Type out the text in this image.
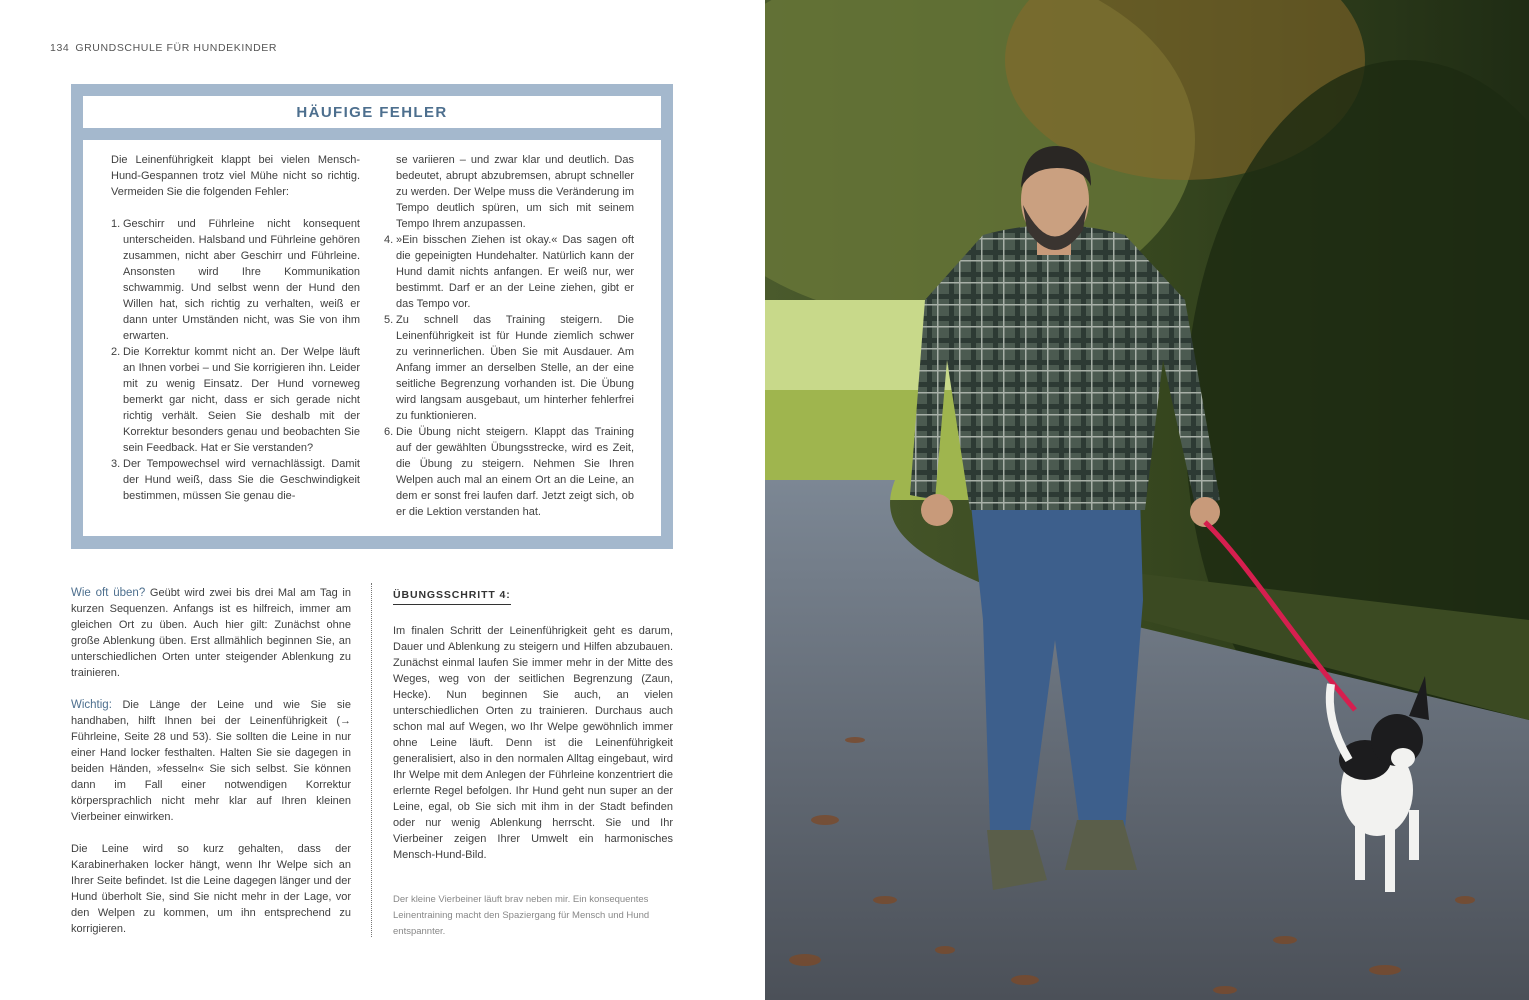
134 GRUNDSCHULE FÜR HUNDEKINDER
HÄUFIGE FEHLER

Die Leinenführigkeit klappt bei vielen Mensch-Hund-Gespannen trotz viel Mühe nicht so richtig. Vermeiden Sie die folgenden Fehler:

1. Geschirr und Führleine nicht konsequent unterscheiden. Halsband und Führleine gehören zusammen, nicht aber Geschirr und Führleine. Ansonsten wird Ihre Kommunikation schwammig. Und selbst wenn der Hund den Willen hat, sich richtig zu verhalten, weiß er dann unter Umständen nicht, was Sie von ihm erwarten.
2. Die Korrektur kommt nicht an. Der Welpe läuft an Ihnen vorbei – und Sie korrigieren ihn. Leider mit zu wenig Einsatz. Der Hund vorneweg bemerkt gar nicht, dass er sich gerade nicht richtig verhält. Seien Sie deshalb mit der Korrektur besonders genau und beobachten Sie sein Feedback. Hat er Sie verstanden?
3. Der Tempowechsel wird vernachlässigt. Damit der Hund weiß, dass Sie die Geschwindigkeit bestimmen, müssen Sie genau die-
se variieren – und zwar klar und deutlich. Das bedeutet, abrupt abzubremsen, abrupt schneller zu werden. Der Welpe muss die Veränderung im Tempo deutlich spüren, um sich mit seinem Tempo Ihrem anzupassen.
4. »Ein bisschen Ziehen ist okay.« Das sagen oft die gepeinigten Hundehalter. Natürlich kann der Hund damit nichts anfangen. Er weiß nur, wer bestimmt. Darf er an der Leine ziehen, gibt er das Tempo vor.
5. Zu schnell das Training steigern. Die Leinenführigkeit ist für Hunde ziemlich schwer zu verinnerlichen. Üben Sie mit Ausdauer. Am Anfang immer an derselben Stelle, an der eine seitliche Begrenzung vorhanden ist. Die Übung wird langsam ausgebaut, um hinterher fehlerfrei zu funktionieren.
6. Die Übung nicht steigern. Klappt das Training auf der gewählten Übungsstrecke, wird es Zeit, die Übung zu steigern. Nehmen Sie Ihren Welpen auch mal an einem Ort an die Leine, an dem er sonst frei laufen darf. Jetzt zeigt sich, ob er die Lektion verstanden hat.

Wie oft üben? Geübt wird zwei bis drei Mal am Tag in kurzen Sequenzen. Anfangs ist es hilfreich, immer am gleichen Ort zu üben. Auch hier gilt: Zunächst ohne große Ablenkung üben. Erst allmählich beginnen Sie, an unterschiedlichen Orten unter steigender Ablenkung zu trainieren.

Wichtig: Die Länge der Leine und wie Sie sie handhaben, hilft Ihnen bei der Leinenführigkeit (→ Führleine, Seite 28 und 53). Sie sollten die Leine in nur einer Hand locker festhalten. Halten Sie sie dagegen in beiden Händen, »fesseln« Sie sich selbst. Sie können dann im Fall einer notwendigen Korrektur körpersprachlich nicht mehr klar auf Ihren kleinen Vierbeiner einwirken.

Die Leine wird so kurz gehalten, dass der Karabinerhaken locker hängt, wenn Ihr Welpe sich an Ihrer Seite befindet. Ist die Leine dagegen länger und der Hund überholt Sie, sind Sie nicht mehr in der Lage, vor den Welpen zu kommen, um ihn entsprechend zu korrigieren.

ÜBUNGSSCHRITT 4:

Im finalen Schritt der Leinenführigkeit geht es darum, Dauer und Ablenkung zu steigern und Hilfen abzubauen. Zunächst einmal laufen Sie immer mehr in der Mitte des Weges, weg von der seitlichen Begrenzung (Zaun, Hecke). Nun beginnen Sie auch, an vielen unterschiedlichen Orten zu trainieren. Durchaus auch schon mal auf Wegen, wo Ihr Welpe gewöhnlich immer ohne Leine läuft. Denn ist die Leinenführigkeit generalisiert, also in den normalen Alltag eingebaut, wird Ihr Welpe mit dem Anlegen der Führleine konzentriert die erlernte Regel befolgen. Ihr Hund geht nun super an der Leine, egal, ob Sie sich mit ihm in der Stadt befinden oder nur wenig Ablenkung herrscht. Sie und Ihr Vierbeiner zeigen Ihrer Umwelt ein harmonisches Mensch-Hund-Bild.

Der kleine Vierbeiner läuft brav neben mir. Ein konsequentes Leinentraining macht den Spaziergang für Mensch und Hund entspannter.
